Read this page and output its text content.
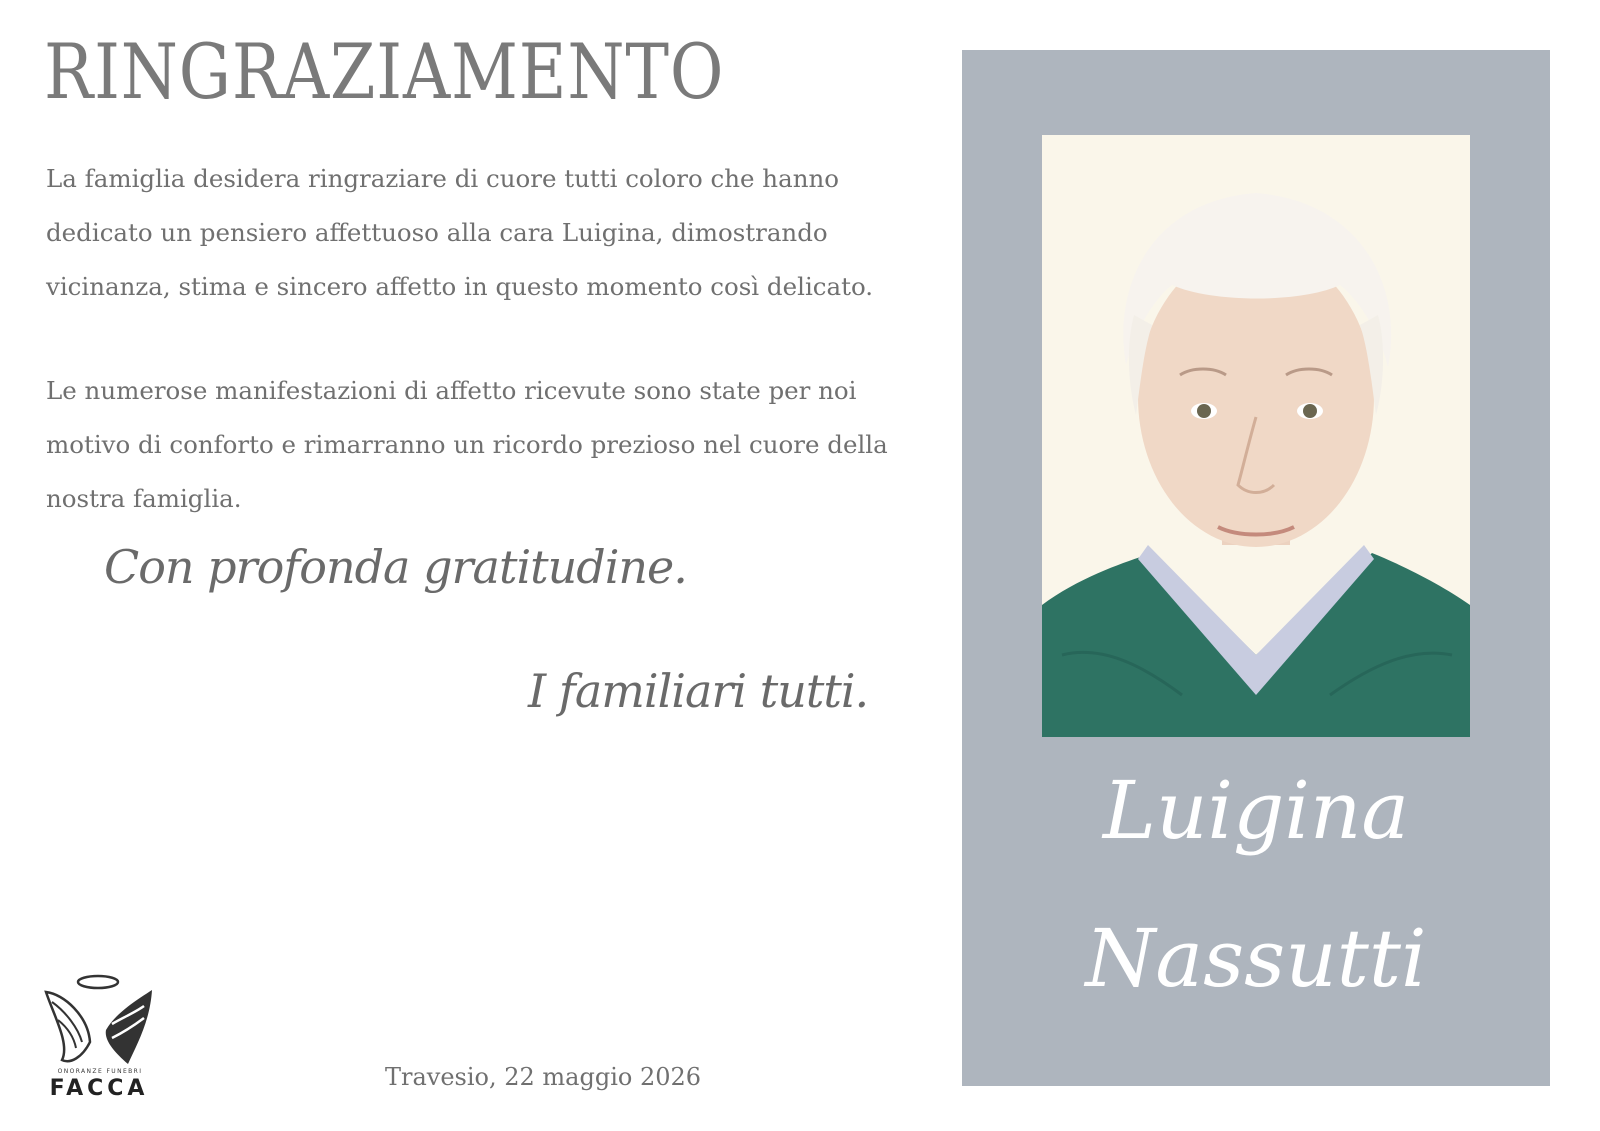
RINGRAZIAMENTO

La famiglia desidera ringraziare di cuore tutti coloro che hanno
dedicato un pensiero affettuoso alla cara Luigina, dimostrando
vicinanza, stima e sincero affetto in questo momento così delicato.

Le numerose manifestazioni di affetto ricevute sono state per noi
motivo di conforto e rimarranno un ricordo prezioso nel cuore della
nostra famiglia.

Con profonda gratitudine.

I familiari tutti.

ONORANZE FUNEBRI
FACCA	Travesio, 22 maggio 2026

Luigina

Nassutti
